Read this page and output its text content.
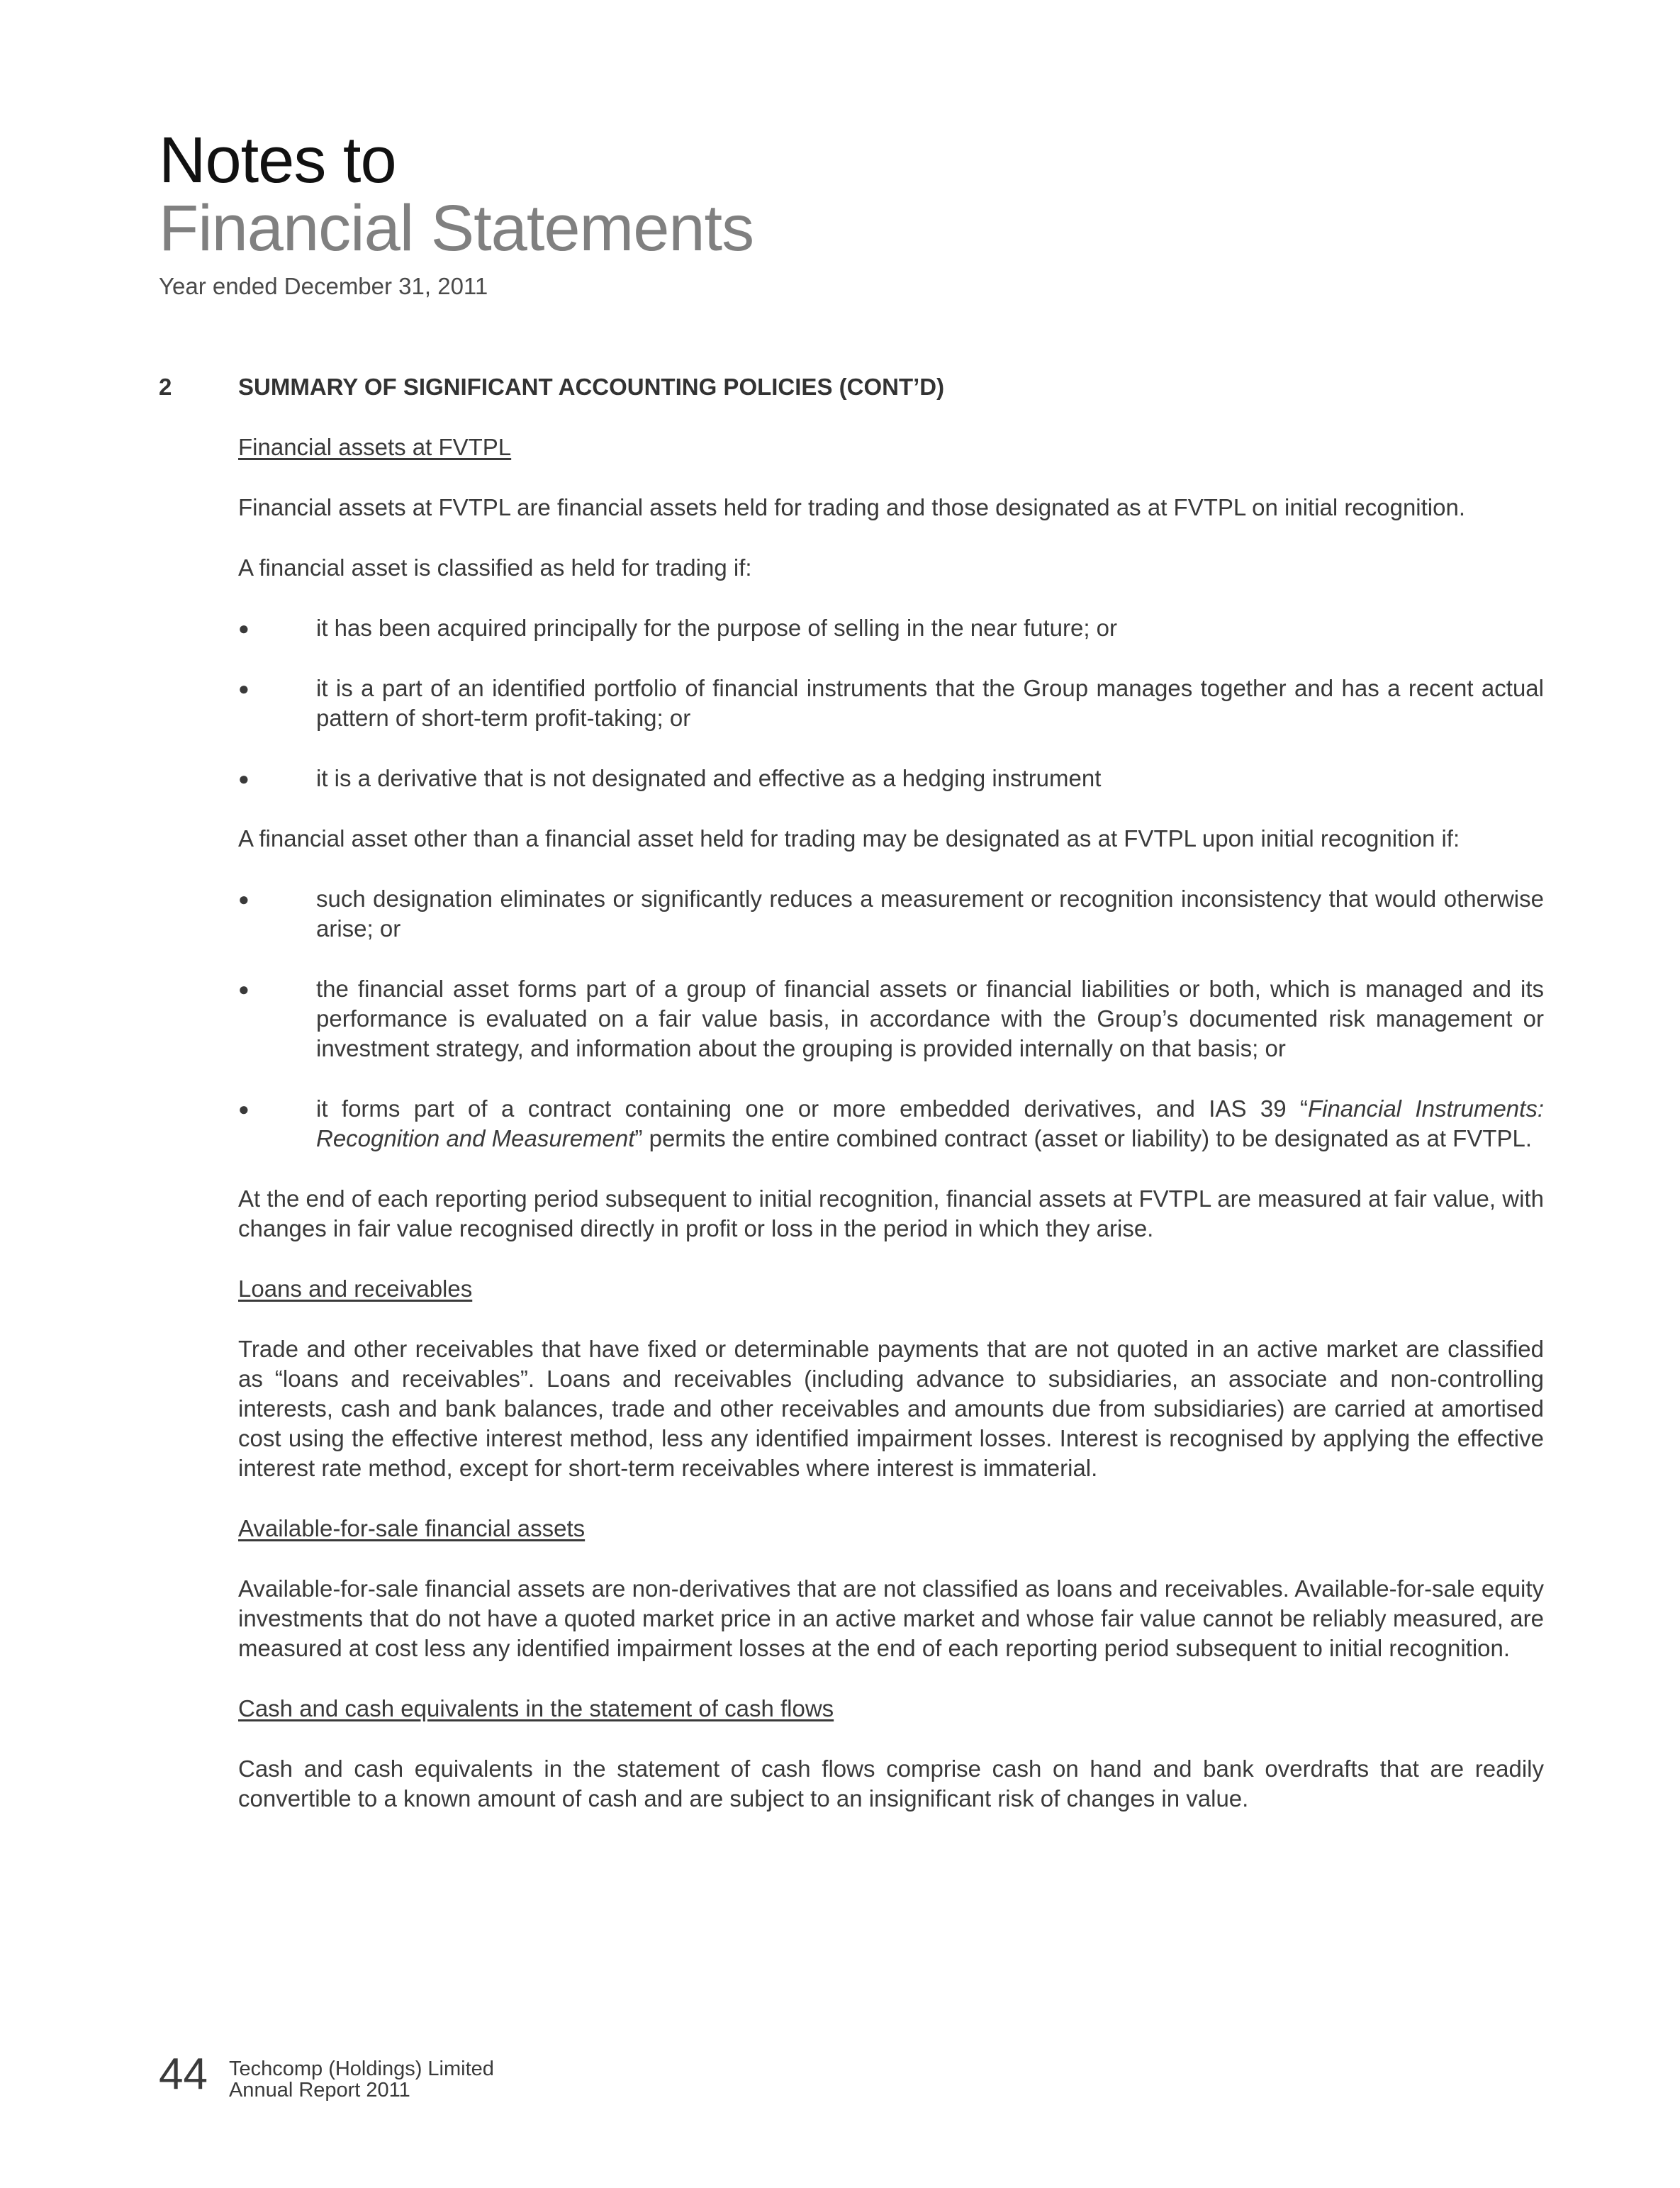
Notes to
Financial Statements
Year ended December 31, 2011
2	SUMMARY OF SIGNIFICANT ACCOUNTING POLICIES (CONT’D)
Financial assets at FVTPL

Financial assets at FVTPL are financial assets held for trading and those designated as at FVTPL on initial recognition.

A financial asset is classified as held for trading if:

●	it has been acquired principally for the purpose of selling in the near future; or
●	it is a part of an identified portfolio of financial instruments that the Group manages together and has a recent actual pattern of short-term profit-taking; or
●	it is a derivative that is not designated and effective as a hedging instrument

A financial asset other than a financial asset held for trading may be designated as at FVTPL upon initial recognition if:

●	such designation eliminates or significantly reduces a measurement or recognition inconsistency that would otherwise arise; or
●	the financial asset forms part of a group of financial assets or financial liabilities or both, which is managed and its performance is evaluated on a fair value basis, in accordance with the Group’s documented risk management or investment strategy, and information about the grouping is provided internally on that basis; or
●	it forms part of a contract containing one or more embedded derivatives, and IAS 39 “Financial Instruments: Recognition and Measurement” permits the entire combined contract (asset or liability) to be designated as at FVTPL.

At the end of each reporting period subsequent to initial recognition, financial assets at FVTPL are measured at fair value, with changes in fair value recognised directly in profit or loss in the period in which they arise.

Loans and receivables

Trade and other receivables that have fixed or determinable payments that are not quoted in an active market are classified as “loans and receivables”. Loans and receivables (including advance to subsidiaries, an associate and non-controlling interests, cash and bank balances, trade and other receivables and amounts due from subsidiaries) are carried at amortised cost using the effective interest method, less any identified impairment losses. Interest is recognised by applying the effective interest rate method, except for short-term receivables where interest is immaterial.

Available-for-sale financial assets

Available-for-sale financial assets are non-derivatives that are not classified as loans and receivables. Available-for-sale equity investments that do not have a quoted market price in an active market and whose fair value cannot be reliably measured, are measured at cost less any identified impairment losses at the end of each reporting period subsequent to initial recognition.

Cash and cash equivalents in the statement of cash flows

Cash and cash equivalents in the statement of cash flows comprise cash on hand and bank overdrafts that are readily convertible to a known amount of cash and are subject to an insignificant risk of changes in value.

44 Techcomp (Holdings) Limited
Annual Report 2011
